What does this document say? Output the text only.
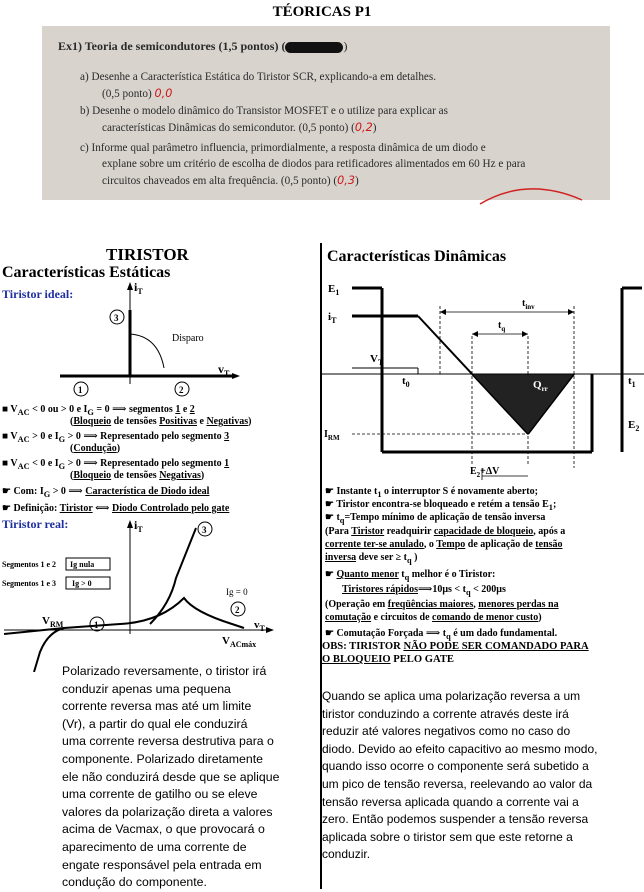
TÉORICAS P1
Ex1) Teoria de semicondutores (1,5 pontos) (	)
a) Desenhe a Característica Estática do Tiristor SCR, explicando-a em detalhes.
(0,5 ponto) 0,0
b) Desenhe o modelo dinâmico do Transistor MOSFET e o utilize para explicar as
características Dinâmicas do semicondutor. (0,5 ponto) (0,2)
c) Informe qual parâmetro influencia, primordialmente, a resposta dinâmica de um diodo e
explane sobre um critério de escolha de diodos para retificadores alimentados em 60 Hz e para
circuitos chaveados em alta frequência. (0,5 ponto) (0,3)
TIRISTOR
Características Estáticas
Tiristor ideal:	$i_T$
$v_T$
Disparo
3
1	2
■ $V_{AC} < 0$ ou > 0 e $I_G = 0$ ⟹ segmentos 1 e 2
(Bloqueio de tensões Positivas e Negativas)
■ $V_{AC} > 0$ e $I_G > 0$ ⟹ Representado pelo segmento 3
(Condução)
■ $V_{AC} < 0$ e $I_G > 0$ ⟹ Representado pelo segmento 1
(Bloqueio de tensões Negativas)
☛ Com: $I_G > 0$ ⟹ Característica de Diodo ideal
☛ Definição: Tiristor ⟺ Diodo Controlado pelo gate
Tiristor real:	$i_T$
Segmentos 1 e 2 Ig nula
Segmentos 1 e 3 Ig > 0
$V_{RM}$
$V_{ACmáx}$
$v_T$
Ig = 0
3
2
1
Polarizado reversamente, o tiristor irá
conduzir apenas uma pequena
corrente reversa mas até um limite
(Vr), a partir do qual ele conduzirá
uma corrente reversa destrutiva para o
componente. Polarizado diretamente
ele não conduzirá desde que se aplique
uma corrente de gatilho ou se eleve
valores da polarização direta a valores
acima de Vacmax, o que provocará o
aparecimento de uma corrente de
engate responsável pela entrada em
condução do componente.
Características Dinâmicas
$E_1$
$i_T$
$V_T$
$t_0$	$t_1$
$t_{inv}$
$t_q$
$Q_{rr}$
$I_{RM}$
$E_2$
$E_2+\Delta V$
☛ Instante $t_1$ o interruptor S é novamente aberto;
☛ Tiristor encontra-se bloqueado e retém a tensão $E_1$;
☛ $t_q=Tempo$ mínimo de aplicação de tensão inversa
(Para Tiristor readquirir capacidade de bloqueio, após a
corrente ter-se anulado, o Tempo de aplicação de tensão
inversa deve ser ≥ $t_q$ )
☛ Quanto menor $t_q$ melhor é o Tiristor:
Tiristores rápidos⟹10μs < $t_q < 200\mu s$
(Operação em freqüências maiores, menores perdas na
comutação e circuitos de comando de menor custo)
☛ Comutação Forçada ⟹ $t_q$ é um dado fundamental.
OBS: TIRISTOR NÃO PODE SER COMANDADO PARA
O BLOQUEIO PELO GATE
Quando se aplica uma polarização reversa a um
tiristor conduzindo a corrente através deste irá
reduzir até valores negativos como no caso do
diodo. Devido ao efeito capacitivo ao mesmo modo,
quando isso ocorre o componente será subetido a
um pico de tensão reversa, reelevando ao valor da
tensão reversa aplicada quando a corrente vai a
zero. Então podemos suspender a tensão reversa
aplicada sobre o tiristor sem que este retorne a
conduzir.
